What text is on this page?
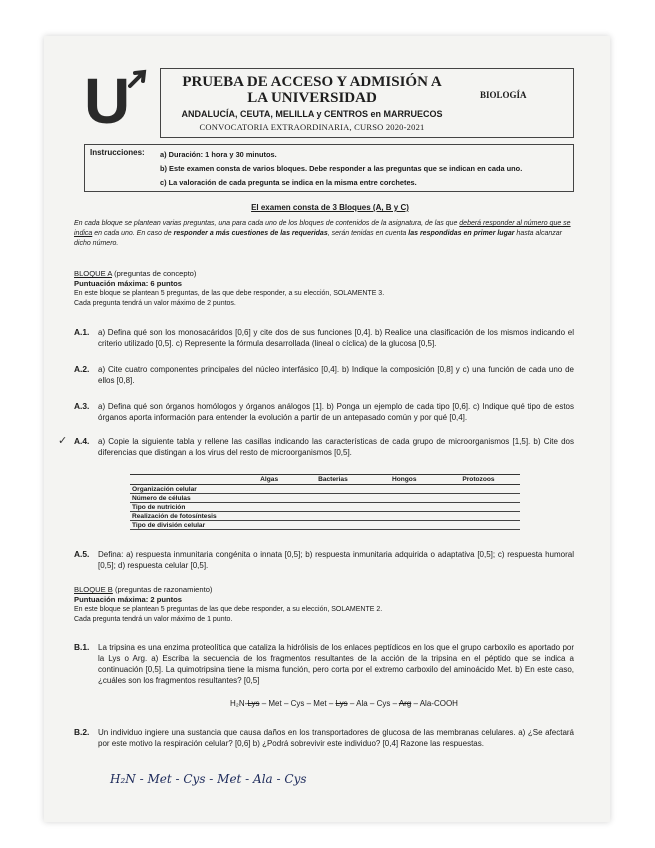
U	PRUEBA DE ACCESO Y ADMISIÓN A LA UNIVERSIDAD	BIOLOGÍA
ANDALUCÍA, CEUTA, MELILLA y CENTROS en MARRUECOS
CONVOCATORIA EXTRAORDINARIA, CURSO 2020-2021
Instrucciones: a) Duración: 1 hora y 30 minutos.
b) Este examen consta de varios bloques. Debe responder a las preguntas que se indican en cada uno.
c) La valoración de cada pregunta se indica en la misma entre corchetes.
El examen consta de 3 Bloques (A, B y C)
En cada bloque se plantean varias preguntas, una para cada uno de los bloques de contenidos de la asignatura, de las que deberá responder al número que se indica en cada uno. En caso de responder a más cuestiones de las requeridas, serán tenidas en cuenta las respondidas en primer lugar hasta alcanzar dicho número.
BLOQUE A (preguntas de concepto)
Puntuación máxima: 6 puntos
En este bloque se plantean 5 preguntas, de las que debe responder, a su elección, SOLAMENTE 3.
Cada pregunta tendrá un valor máximo de 2 puntos.
A.1. a) Defina qué son los monosacáridos [0,6] y cite dos de sus funciones [0,4]. b) Realice una clasificación de los mismos indicando el criterio utilizado [0,5]. c) Represente la fórmula desarrollada (lineal o cíclica) de la glucosa [0,5].
A.2. a) Cite cuatro componentes principales del núcleo interfásico [0,4]. b) Indique la composición [0,8] y c) una función de cada uno de ellos [0,8].
A.3. a) Defina qué son órganos homólogos y órganos análogos [1]. b) Ponga un ejemplo de cada tipo [0,6]. c) Indique qué tipo de estos órganos aporta información para entender la evolución a partir de un antepasado común y por qué [0,4].
✓ A.4. a) Copie la siguiente tabla y rellene las casillas indicando las características de cada grupo de microorganismos [1,5]. b) Cite dos diferencias que distingan a los virus del resto de microorganismos [0,5].
	Algas	Bacterias	Hongos	Protozoos
Organización celular				
Número de células				
Tipo de nutrición				
Realización de fotosíntesis				
Tipo de división celular				
A.5. Defina: a) respuesta inmunitaria congénita o innata [0,5]; b) respuesta inmunitaria adquirida o adaptativa [0,5]; c) respuesta humoral [0,5]; d) respuesta celular [0,5].
BLOQUE B (preguntas de razonamiento)
Puntuación máxima: 2 puntos
En este bloque se plantean 5 preguntas de las que debe responder, a su elección, SOLAMENTE 2.
Cada pregunta tendrá un valor máximo de 1 punto.
B.1. La tripsina es una enzima proteolítica que cataliza la hidrólisis de los enlaces peptídicos en los que el grupo carboxilo es aportado por la Lys o Arg. a) Escriba la secuencia de los fragmentos resultantes de la acción de la tripsina en el péptido que se indica a continuación [0,5]. La quimotripsina tiene la misma función, pero corta por el extremo carboxilo del aminoácido Met. b) En este caso, ¿cuáles son los fragmentos resultantes? [0,5]
H₂N-Lys – Met – Cys – Met – Lys – Ala – Cys – Arg – Ala-COOH
B.2. Un individuo ingiere una sustancia que causa daños en los transportadores de glucosa de las membranas celulares. a) ¿Se afectará por este motivo la respiración celular? [0,6] b) ¿Podrá sobrevivir este individuo? [0,4] Razone las respuestas.
H₂N - Met - Cys - Met - Ala - Cys
